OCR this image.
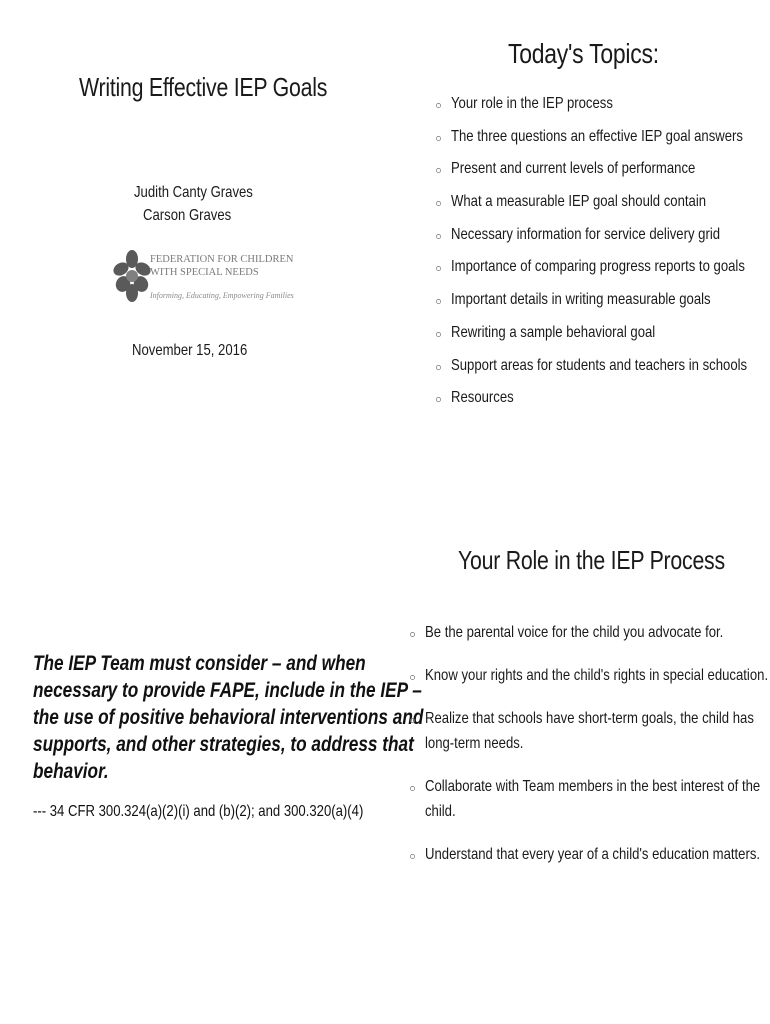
Writing Effective IEP Goals
Judith Canty Graves
Carson Graves
FEDERATION FOR CHILDREN
WITH SPECIAL NEEDS
Informing, Educating, Empowering Families
November 15, 2016
Today's Topics:
Your role in the IEP process
The three questions an effective IEP goal answers
Present and current levels of performance
What a measurable IEP goal should contain
Necessary information for service delivery grid
Importance of comparing progress reports to goals
Important details in writing measurable goals
Rewriting a sample behavioral goal
Support areas for students and teachers in schools
Resources
The IEP Team must consider – and when
necessary to provide FAPE, include in the IEP –
the use of positive behavioral interventions and
supports, and other strategies, to address that
behavior.
--- 34 CFR 300.324(a)(2)(i) and (b)(2); and 300.320(a)(4)
Your Role in the IEP Process
Be the parental voice for the child you advocate for.
Know your rights and the child's rights in special education.
Realize that schools have short-term goals, the child has
long-term needs.
Collaborate with Team members in the best interest of the
child.
Understand that every year of a child's education matters.
